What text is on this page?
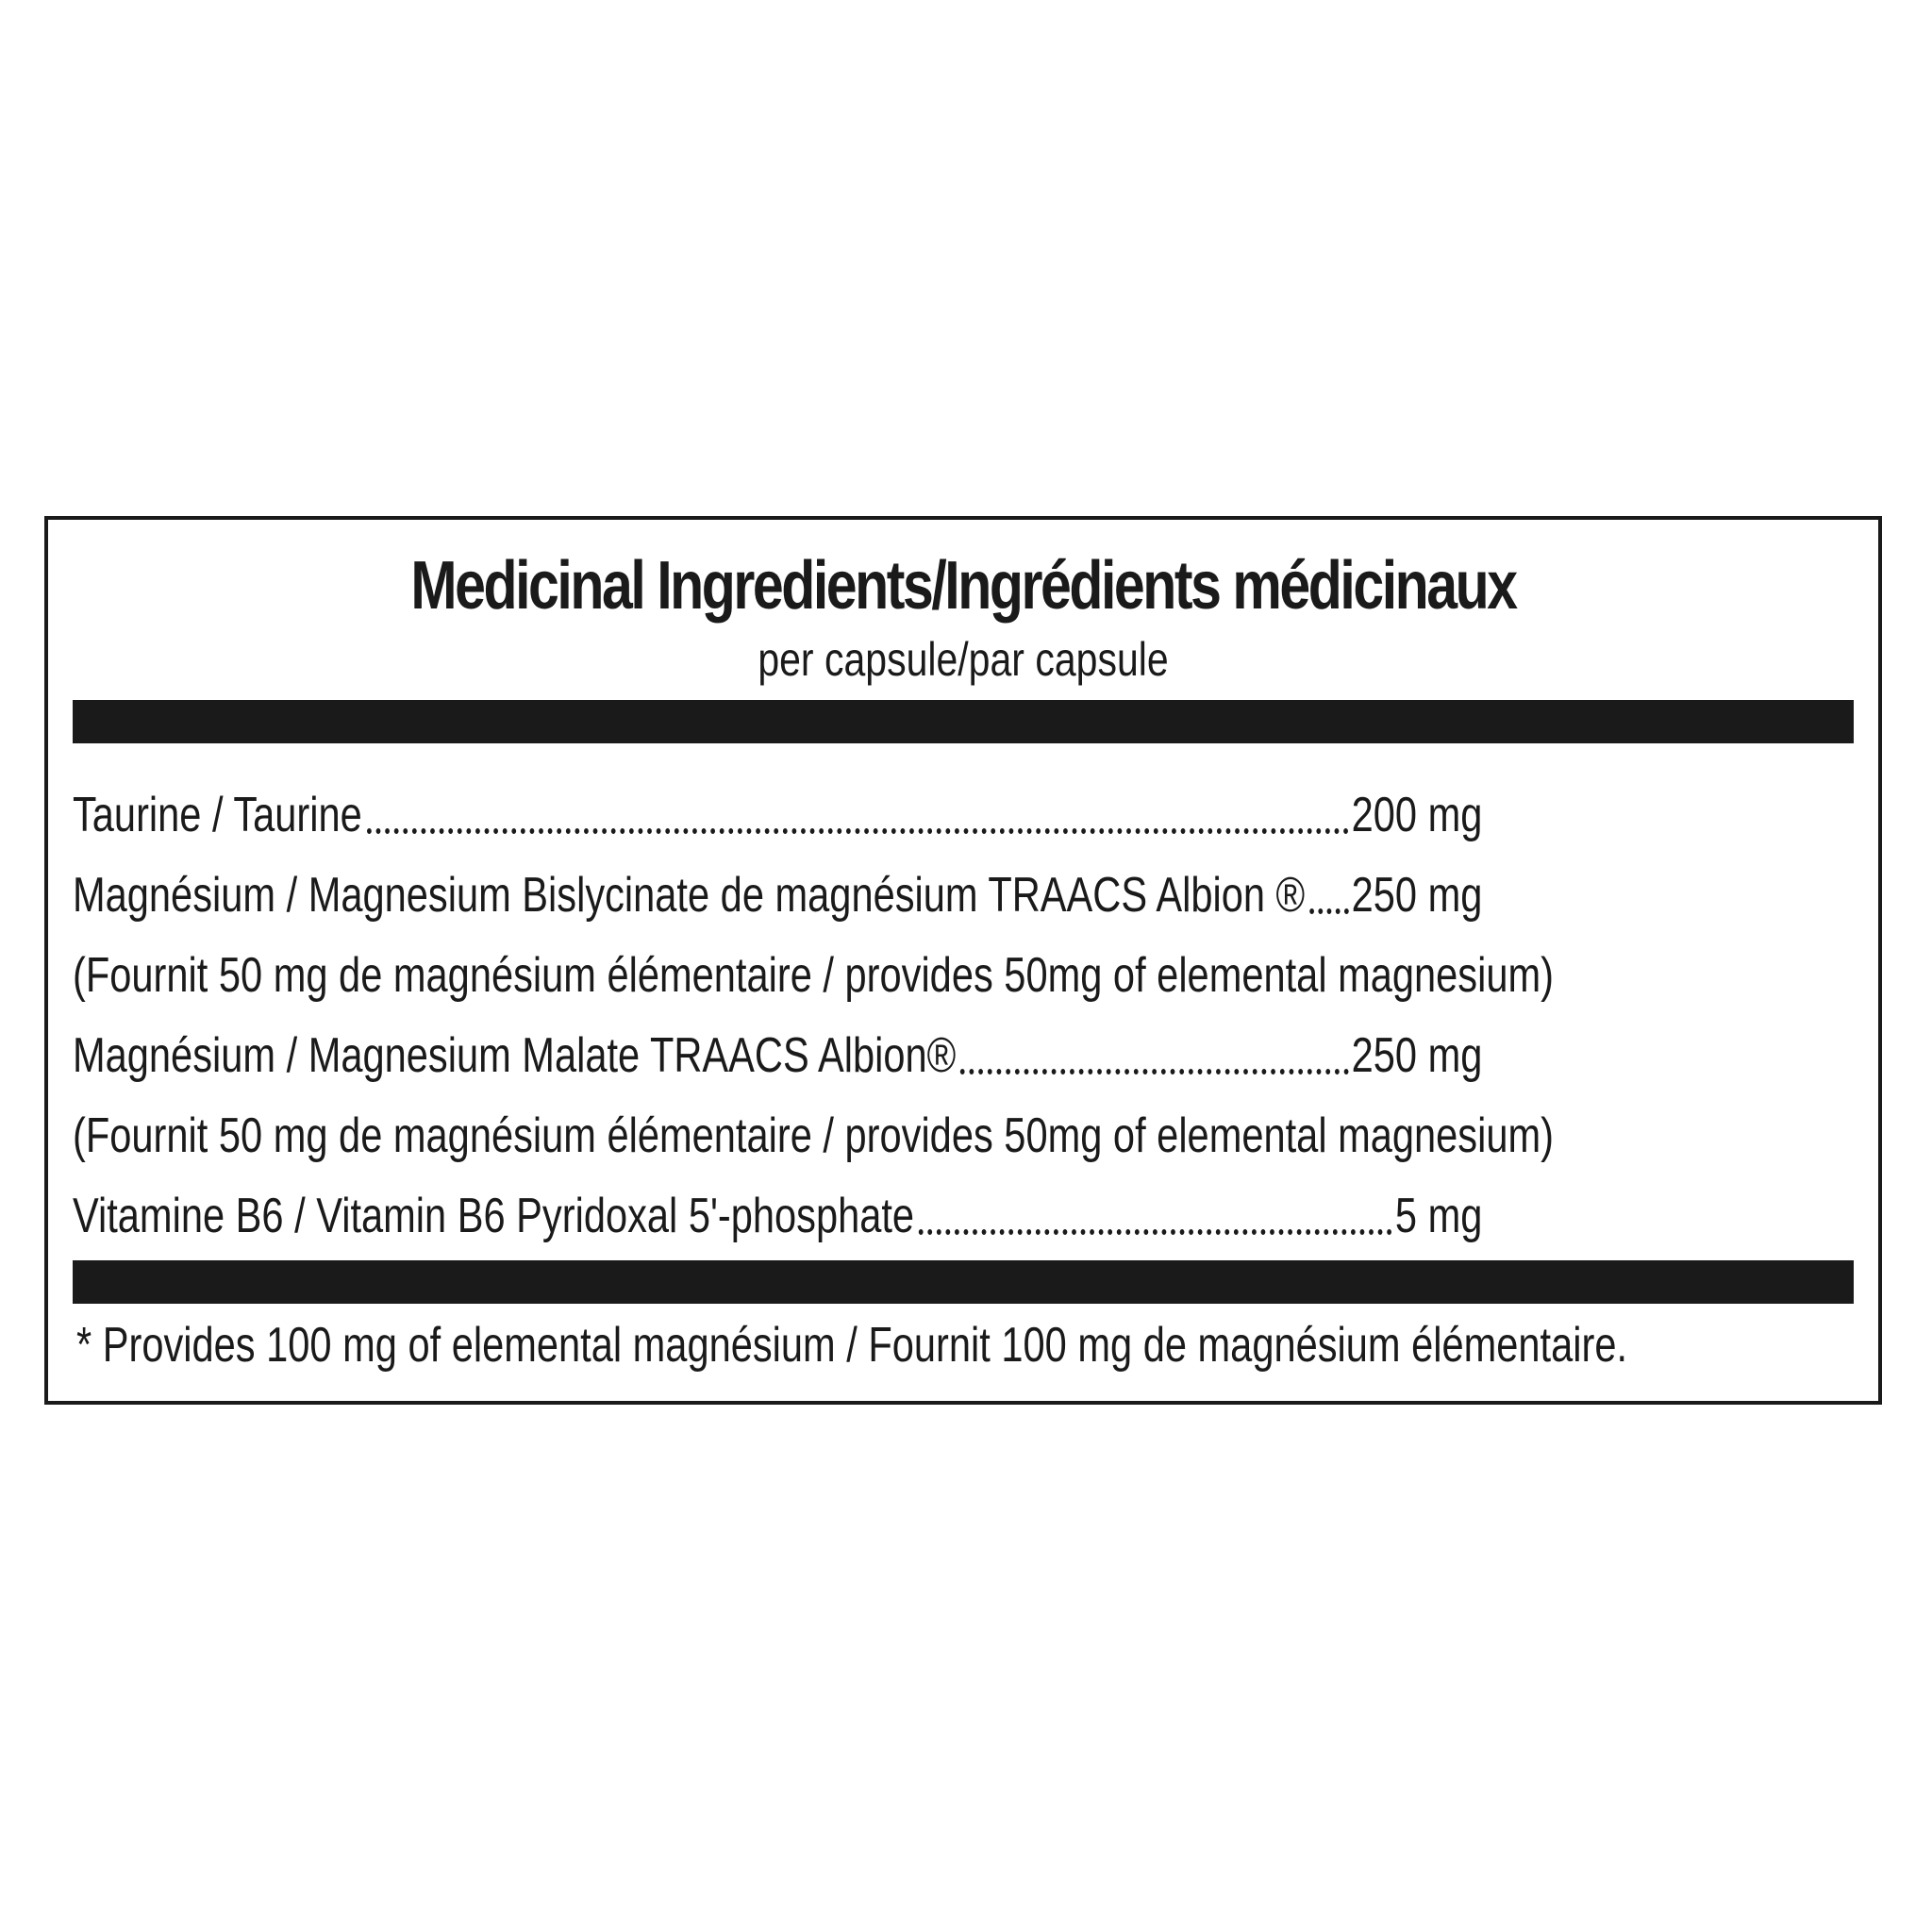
Medicinal Ingredients/Ingrédients médicinaux
per capsule/par capsule
Taurine / Taurine	200 mg
Magnésium / Magnesium Bislycinate de magnésium TRAACS Albion ® 250 mg
(Fournit 50 mg de magnésium élémentaire / provides 50mg of elemental magnesium)
Magnésium / Magnesium Malate TRAACS Albion®	250 mg
(Fournit 50 mg de magnésium élémentaire / provides 50mg of elemental magnesium)
Vitamine B6 / Vitamin B6 Pyridoxal 5'-phosphate	5 mg
* Provides 100 mg of elemental magnésium / Fournit 100 mg de magnésium élémentaire.
